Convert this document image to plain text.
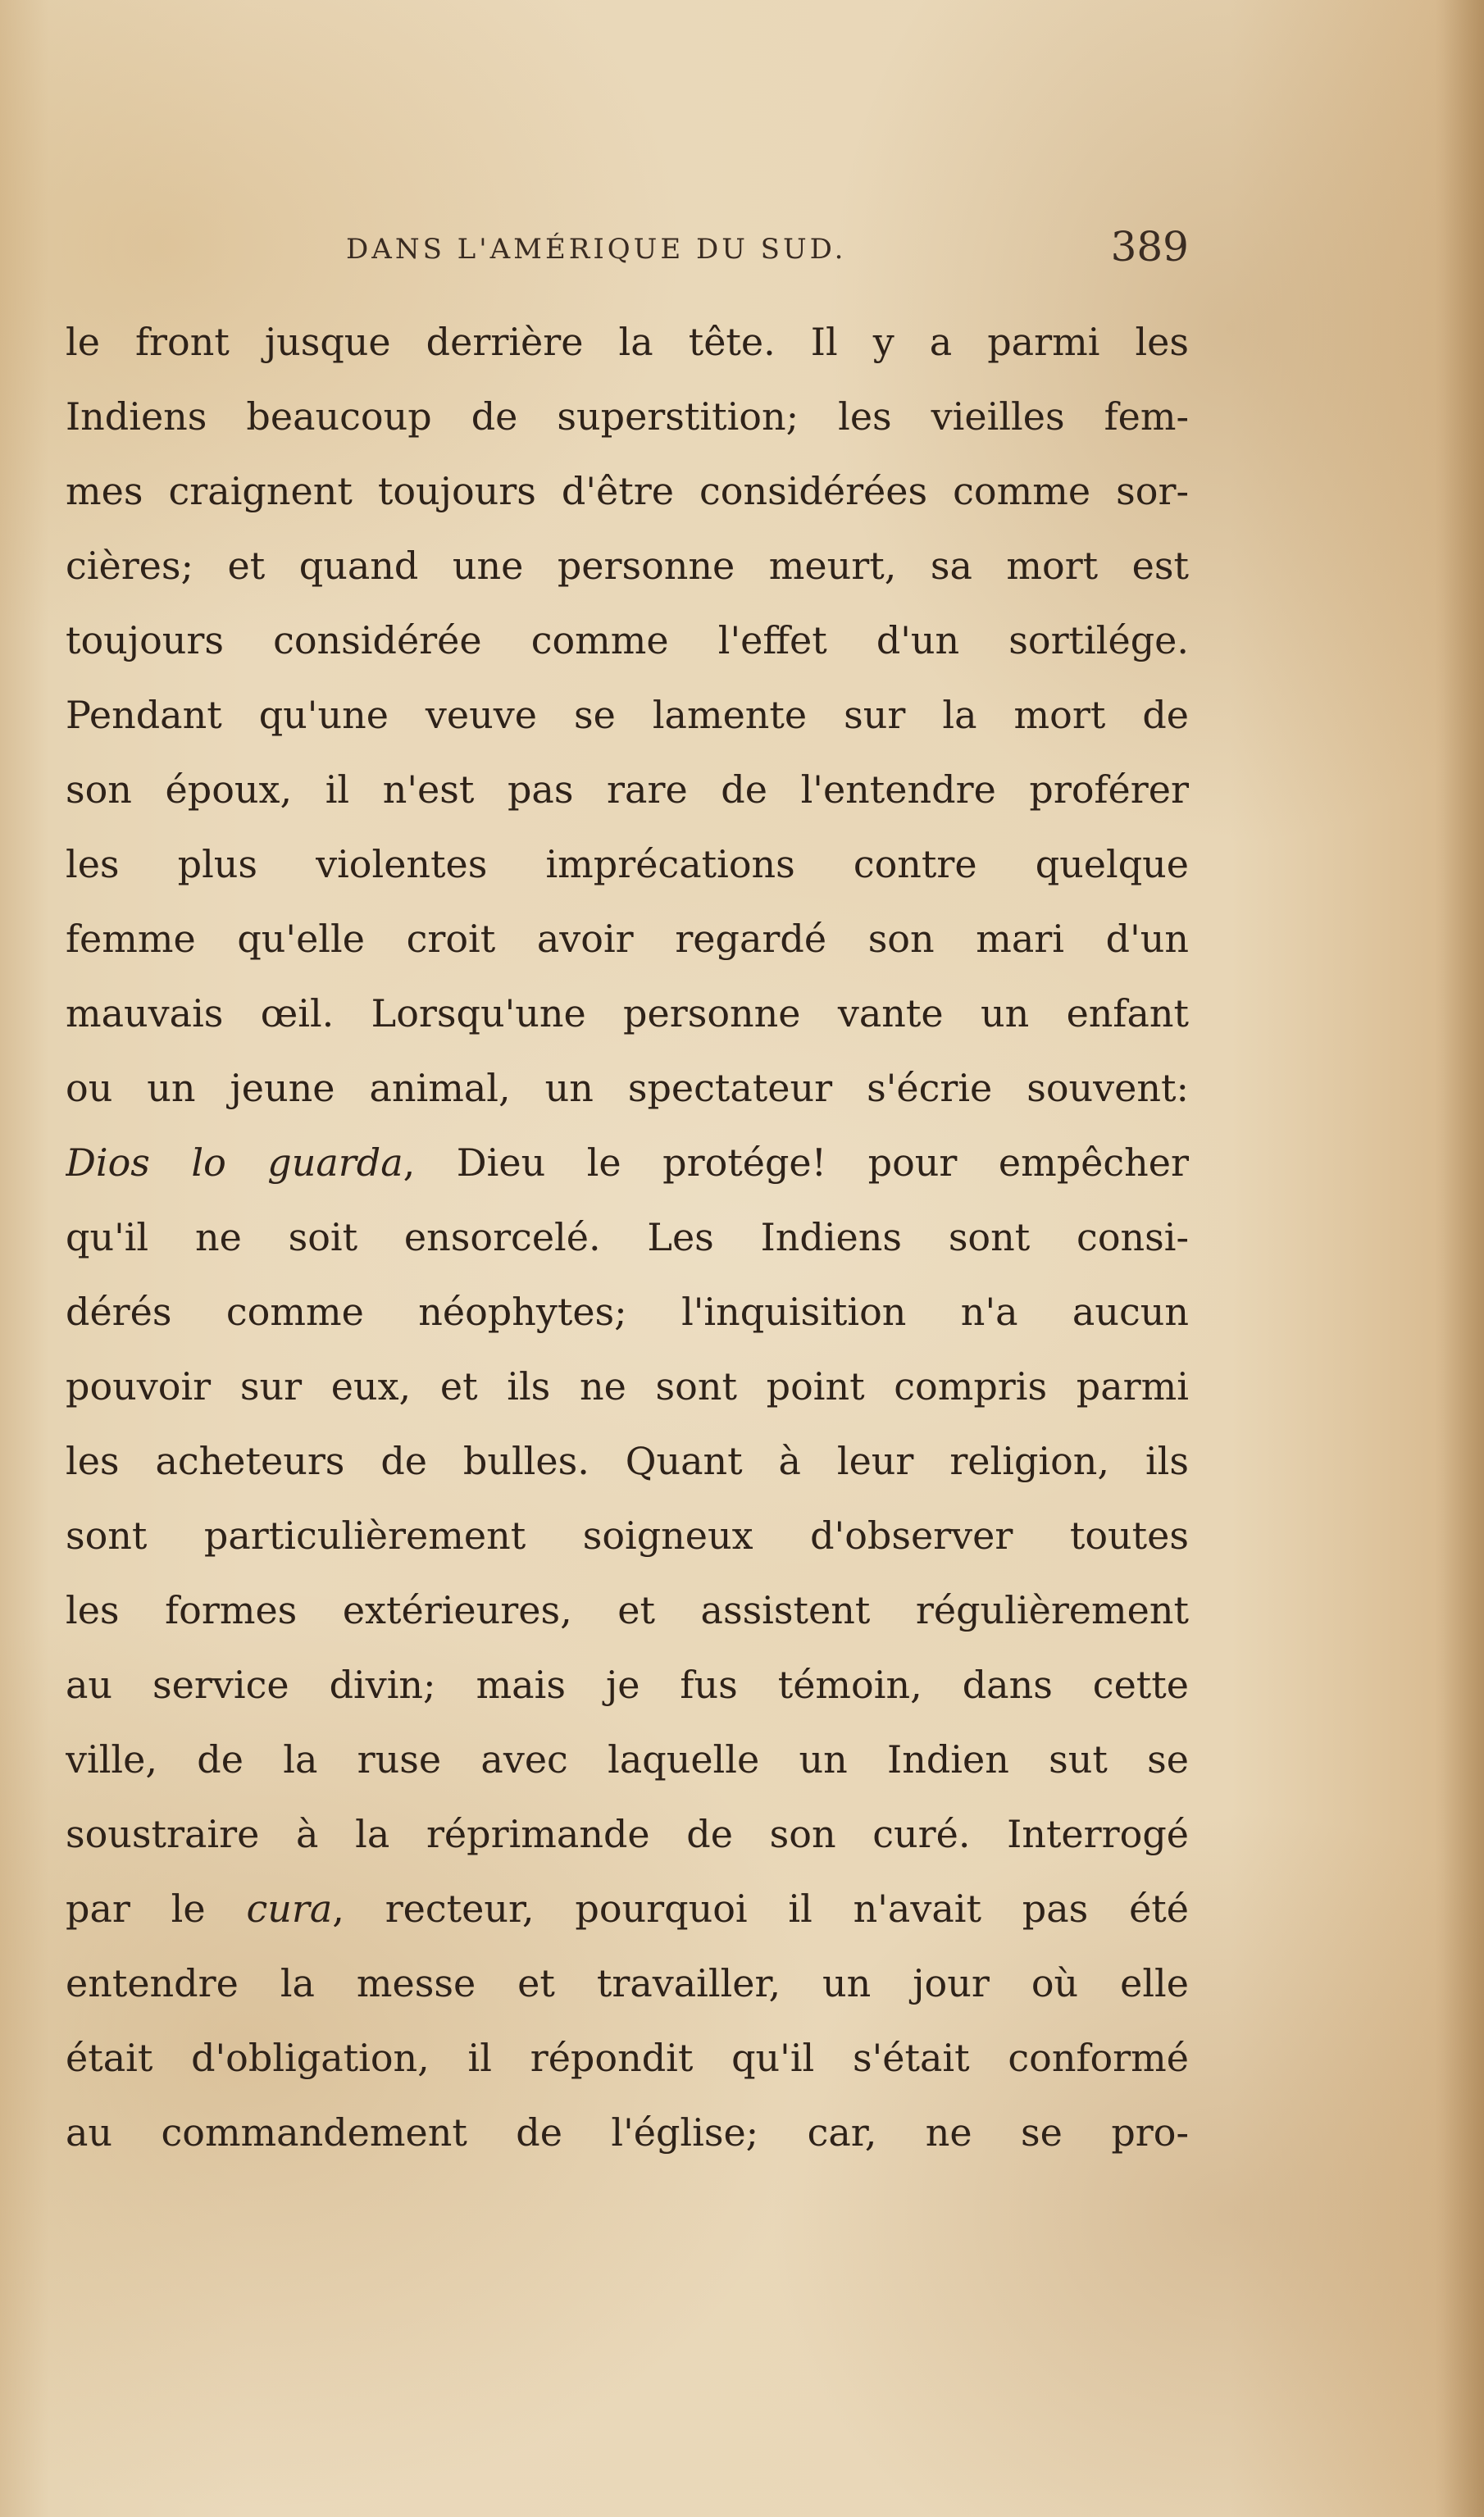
DANS L'AMÉRIQUE DU SUD.	389
le front jusque derrière la tête. Il y a parmi les
Indiens beaucoup de superstition; les vieilles fem-
mes craignent toujours d'être considérées comme sor-
cières; et quand une personne meurt, sa mort est
toujours considérée comme l'effet d'un sortilége.
Pendant qu'une veuve se lamente sur la mort de
son époux, il n'est pas rare de l'entendre proférer
les plus violentes imprécations contre quelque
femme qu'elle croit avoir regardé son mari d'un
mauvais œil. Lorsqu'une personne vante un enfant
ou un jeune animal, un spectateur s'écrie souvent:
Dios lo guarda, Dieu le protége! pour empêcher
qu'il ne soit ensorcelé. Les Indiens sont consi-
dérés comme néophytes; l'inquisition n'a aucun
pouvoir sur eux, et ils ne sont point compris parmi
les acheteurs de bulles. Quant à leur religion, ils
sont particulièrement soigneux d'observer toutes
les formes extérieures, et assistent régulièrement
au service divin; mais je fus témoin, dans cette
ville, de la ruse avec laquelle un Indien sut se
soustraire à la réprimande de son curé. Interrogé
par le cura, recteur, pourquoi il n'avait pas été
entendre la messe et travailler, un jour où elle
était d'obligation, il répondit qu'il s'était conformé
au commandement de l'église; car, ne se pro-
